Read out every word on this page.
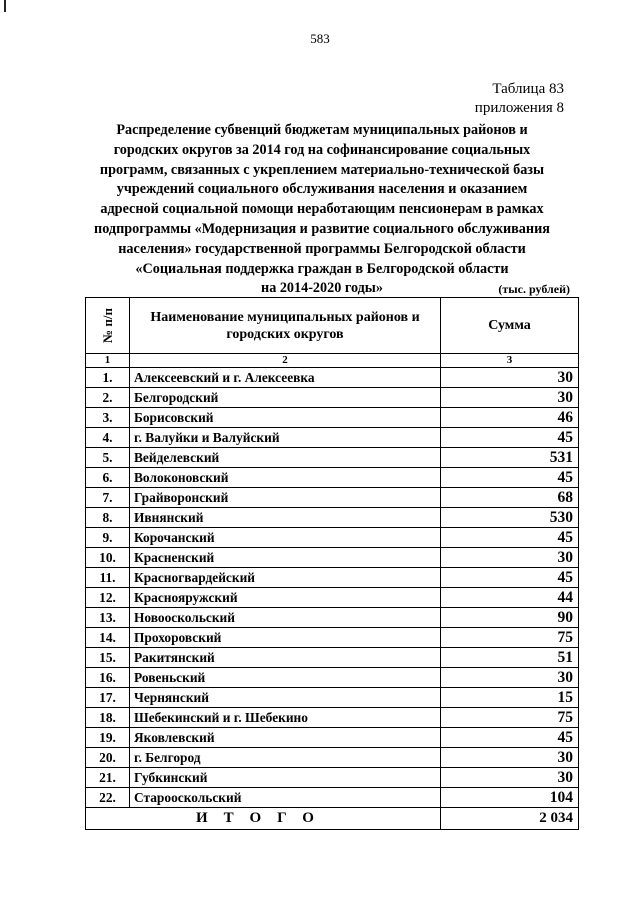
583
Таблица 83
приложения 8
Распределение субвенций бюджетам муниципальных районов и
городских округов за 2014 год на софинансирование социальных
программ, связанных с укреплением материально-технической базы
учреждений социального обслуживания населения и оказанием
адресной социальной помощи неработающим пенсионерам в рамках
подпрограммы «Модернизация и развитие социального обслуживания
населения» государственной программы Белгородской области
«Социальная поддержка граждан в Белгородской области
на 2014-2020 годы»	(тыс. рублей)
№ п/п	Наименование муниципальных районов и городских округов	Сумма
1	2	3
1.	Алексеевский и г. Алексеевка	30
2.	Белгородский	30
3.	Борисовский	46
4.	г. Валуйки и Валуйский	45
5.	Вейделевский	531
6.	Волоконовский	45
7.	Грайворонский	68
8.	Ивнянский	530
9.	Корочанский	45
10.	Красненский	30
11.	Красногвардейский	45
12.	Краснояружский	44
13.	Новооскольский	90
14.	Прохоровский	75
15.	Ракитянский	51
16.	Ровеньский	30
17.	Чернянский	15
18.	Шебекинский и г. Шебекино	75
19.	Яковлевский	45
20.	г. Белгород	30
21.	Губкинский	30
22.	Старооскольский	104
ИТОГО		2 034
